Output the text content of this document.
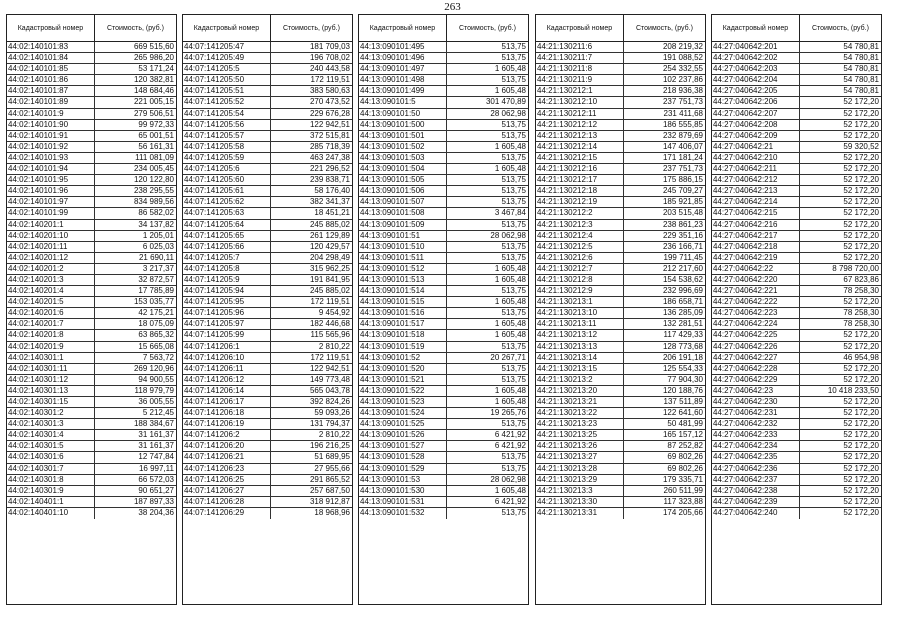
263
Кадастровый номер	Стоимость, (руб.)
44:02:140101:83	669 515,60
44:02:140101:84	265 986,20
44:02:140101:85	53 171,24
44:02:140101:86	120 382,81
44:02:140101:87	148 684,46
44:02:140101:89	221 005,15
44:02:140101:9	279 506,51
44:02:140101:90	99 972,33
44:02:140101:91	65 001,51
44:02:140101:92	56 161,31
44:02:140101:93	111 081,09
44:02:140101:94	234 005,45
44:02:140101:95	120 122,80
44:02:140101:96	238 295,55
44:02:140101:97	834 989,56
44:02:140101:99	86 582,02
44:02:140201:1	34 137,82
44:02:140201:10	1 205,01
44:02:140201:11	6 025,03
44:02:140201:12	21 690,11
44:02:140201:2	3 217,37
44:02:140201:3	32 872,57
44:02:140201:4	17 785,89
44:02:140201:5	153 035,77
44:02:140201:6	42 175,21
44:02:140201:7	18 075,09
44:02:140201:8	63 865,32
44:02:140201:9	15 665,08
44:02:140301:1	7 563,72
44:02:140301:11	269 120,96
44:02:140301:12	94 900,55
44:02:140301:13	118 979,79
44:02:140301:15	36 005,55
44:02:140301:2	5 212,45
44:02:140301:3	188 384,67
44:02:140301:4	31 161,37
44:02:140301:5	31 161,37
44:02:140301:6	12 747,84
44:02:140301:7	16 997,11
44:02:140301:8	66 572,03
44:02:140301:9	90 651,27
44:02:140401:1	187 897,33
44:02:140401:10	38 204,36
Кадастровый номер	Стоимость, (руб.)
44:07:141205:47	181 709,03
44:07:141205:49	196 708,02
44:07:141205:5	240 443,58
44:07:141205:50	172 119,51
44:07:141205:51	383 580,63
44:07:141205:52	270 473,52
44:07:141205:54	229 676,28
44:07:141205:56	122 942,51
44:07:141205:57	372 515,81
44:07:141205:58	285 718,39
44:07:141205:59	463 247,38
44:07:141205:6	221 296,52
44:07:141205:60	239 838,71
44:07:141205:61	58 176,40
44:07:141205:62	382 341,37
44:07:141205:63	18 451,21
44:07:141205:64	245 885,02
44:07:141205:65	261 129,89
44:07:141205:66	120 429,57
44:07:141205:7	204 298,49
44:07:141205:8	315 962,25
44:07:141205:9	191 841,95
44:07:141205:94	245 885,02
44:07:141205:95	172 119,51
44:07:141205:96	9 454,92
44:07:141205:97	182 446,68
44:07:141205:99	115 565,96
44:07:141206:1	2 810,22
44:07:141206:10	172 119,51
44:07:141206:11	122 942,51
44:07:141206:12	149 773,48
44:07:141206:14	565 043,78
44:07:141206:17	392 824,26
44:07:141206:18	59 093,26
44:07:141206:19	131 794,37
44:07:141206:2	2 810,22
44:07:141206:20	196 216,25
44:07:141206:21	51 689,95
44:07:141206:23	27 955,66
44:07:141206:25	291 865,52
44:07:141206:27	257 687,50
44:07:141206:28	318 912,87
44:07:141206:29	18 968,96
Кадастровый номер	Стоимость, (руб.)
44:13:090101:495	513,75
44:13:090101:496	513,75
44:13:090101:497	1 605,48
44:13:090101:498	513,75
44:13:090101:499	1 605,48
44:13:090101:5	301 470,89
44:13:090101:50	28 062,98
44:13:090101:500	513,75
44:13:090101:501	513,75
44:13:090101:502	1 605,48
44:13:090101:503	513,75
44:13:090101:504	1 605,48
44:13:090101:505	513,75
44:13:090101:506	513,75
44:13:090101:507	513,75
44:13:090101:508	3 467,84
44:13:090101:509	513,75
44:13:090101:51	28 062,98
44:13:090101:510	513,75
44:13:090101:511	513,75
44:13:090101:512	1 605,48
44:13:090101:513	1 605,48
44:13:090101:514	513,75
44:13:090101:515	1 605,48
44:13:090101:516	513,75
44:13:090101:517	1 605,48
44:13:090101:518	1 605,48
44:13:090101:519	513,75
44:13:090101:52	20 267,71
44:13:090101:520	513,75
44:13:090101:521	513,75
44:13:090101:522	1 605,48
44:13:090101:523	1 605,48
44:13:090101:524	19 265,76
44:13:090101:525	513,75
44:13:090101:526	6 421,92
44:13:090101:527	6 421,92
44:13:090101:528	513,75
44:13:090101:529	513,75
44:13:090101:53	28 062,98
44:13:090101:530	1 605,48
44:13:090101:531	6 421,92
44:13:090101:532	513,75
Кадастровый номер	Стоимость, (руб.)
44:21:130211:6	208 219,32
44:21:130211:7	191 088,52
44:21:130211:8	254 332,55
44:21:130211:9	102 237,86
44:21:130212:1	218 936,38
44:21:130212:10	237 751,73
44:21:130212:11	231 411,68
44:21:130212:12	186 555,85
44:21:130212:13	232 879,69
44:21:130212:14	147 406,07
44:21:130212:15	171 181,24
44:21:130212:16	237 751,73
44:21:130212:17	175 886,15
44:21:130212:18	245 709,27
44:21:130212:19	185 921,85
44:21:130212:2	203 515,48
44:21:130212:3	238 861,23
44:21:130212:4	229 351,16
44:21:130212:5	236 166,71
44:21:130212:6	199 711,45
44:21:130212:7	212 217,60
44:21:130212:8	154 538,62
44:21:130212:9	232 996,69
44:21:130213:1	186 658,71
44:21:130213:10	136 285,09
44:21:130213:11	132 281,51
44:21:130213:12	117 429,33
44:21:130213:13	128 773,68
44:21:130213:14	206 191,18
44:21:130213:15	125 554,33
44:21:130213:2	77 904,30
44:21:130213:20	120 188,76
44:21:130213:21	137 511,89
44:21:130213:22	122 641,60
44:21:130213:23	50 481,99
44:21:130213:25	165 157,12
44:21:130213:26	87 252,82
44:21:130213:27	69 802,26
44:21:130213:28	69 802,26
44:21:130213:29	179 335,71
44:21:130213:3	260 511,99
44:21:130213:30	117 323,88
44:21:130213:31	174 205,66
Кадастровый номер	Стоимость, (руб.)
44:27:040642:201	54 780,81
44:27:040642:202	54 780,81
44:27:040642:203	54 780,81
44:27:040642:204	54 780,81
44:27:040642:205	54 780,81
44:27:040642:206	52 172,20
44:27:040642:207	52 172,20
44:27:040642:208	52 172,20
44:27:040642:209	52 172,20
44:27:040642:21	59 320,52
44:27:040642:210	52 172,20
44:27:040642:211	52 172,20
44:27:040642:212	52 172,20
44:27:040642:213	52 172,20
44:27:040642:214	52 172,20
44:27:040642:215	52 172,20
44:27:040642:216	52 172,20
44:27:040642:217	52 172,20
44:27:040642:218	52 172,20
44:27:040642:219	52 172,20
44:27:040642:22	8 798 720,00
44:27:040642:220	67 823,86
44:27:040642:221	78 258,30
44:27:040642:222	52 172,20
44:27:040642:223	78 258,30
44:27:040642:224	78 258,30
44:27:040642:225	52 172,20
44:27:040642:226	52 172,20
44:27:040642:227	46 954,98
44:27:040642:228	52 172,20
44:27:040642:229	52 172,20
44:27:040642:23	10 418 233,50
44:27:040642:230	52 172,20
44:27:040642:231	52 172,20
44:27:040642:232	52 172,20
44:27:040642:233	52 172,20
44:27:040642:234	52 172,20
44:27:040642:235	52 172,20
44:27:040642:236	52 172,20
44:27:040642:237	52 172,20
44:27:040642:238	52 172,20
44:27:040642:239	52 172,20
44:27:040642:240	52 172,20
